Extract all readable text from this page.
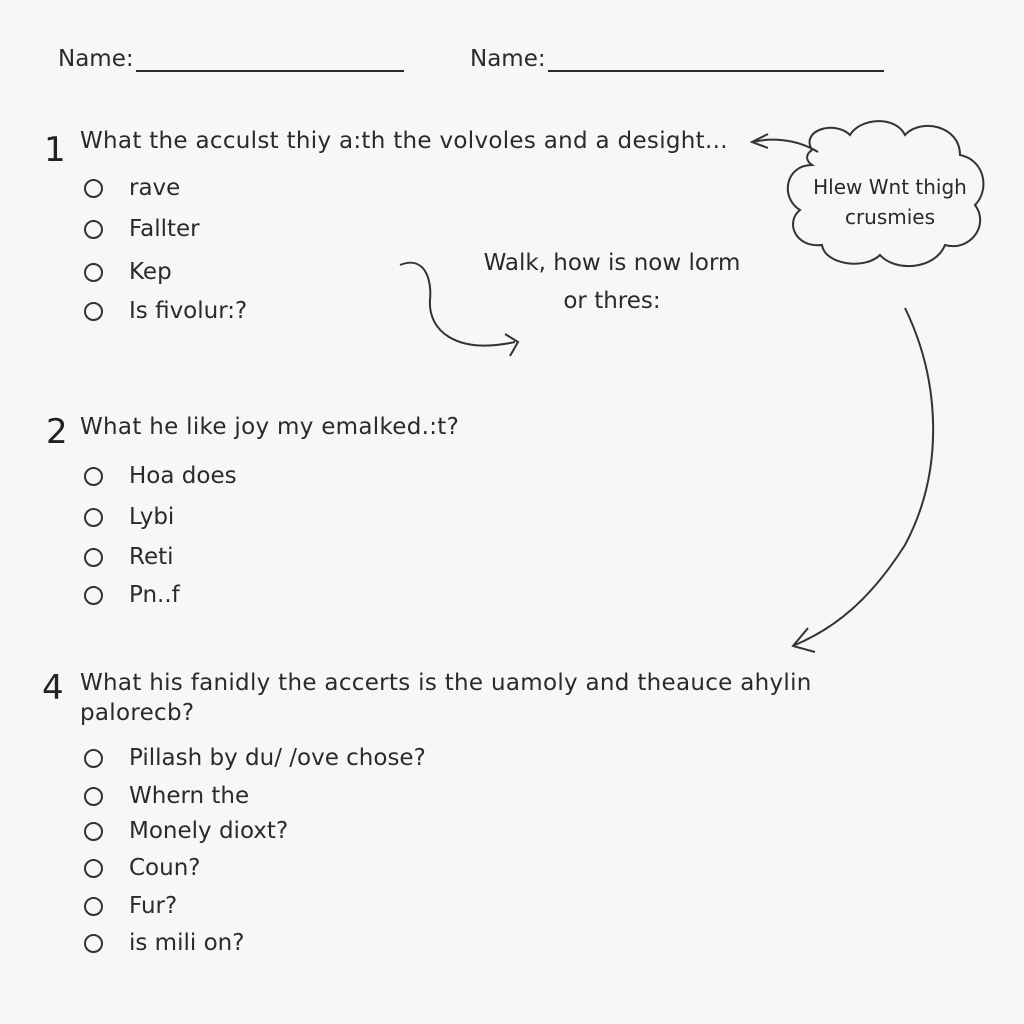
Name:	Name:
1 What the acculst thiy a:th the volvoles and a desight...
rave
Fallter
Kep
Is fivolur:?
Walk, how is now lorm
or thres:
Hlew Wnt thigh
crusmies
2 What he like joy my emalked.:t?
Hoa does
Lybi
Reti
Pn..f
4 What his fanidly the accerts is the uamoly and theauce ahylin
palorecb?
Pillash by du/ /ove chose?
Whern the
Monely dioxt?
Coun?
Fur?
is mili on?
